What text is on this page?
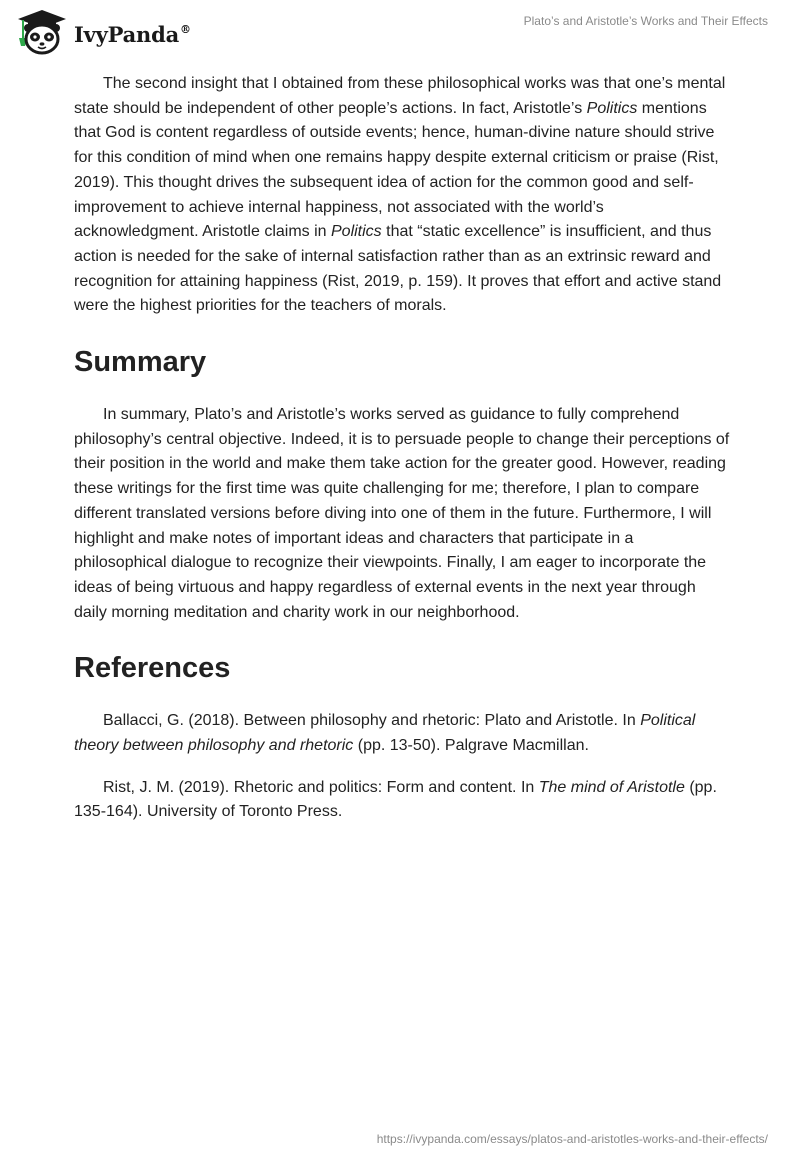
IvyPanda®
Plato’s and Aristotle’s Works and Their Effects

The second insight that I obtained from these philosophical works was that one’s mental state should be independent of other people’s actions. In fact, Aristotle’s Politics mentions that God is content regardless of outside events; hence, human-divine nature should strive for this condition of mind when one remains happy despite external criticism or praise (Rist, 2019). This thought drives the subsequent idea of action for the common good and self-improvement to achieve internal happiness, not associated with the world’s acknowledgment. Aristotle claims in Politics that “static excellence” is insufficient, and thus action is needed for the sake of internal satisfaction rather than as an extrinsic reward and recognition for attaining happiness (Rist, 2019, p. 159). It proves that effort and active stand were the highest priorities for the teachers of morals.

Summary

In summary, Plato’s and Aristotle’s works served as guidance to fully comprehend philosophy’s central objective. Indeed, it is to persuade people to change their perceptions of their position in the world and make them take action for the greater good. However, reading these writings for the first time was quite challenging for me; therefore, I plan to compare different translated versions before diving into one of them in the future. Furthermore, I will highlight and make notes of important ideas and characters that participate in a philosophical dialogue to recognize their viewpoints. Finally, I am eager to incorporate the ideas of being virtuous and happy regardless of external events in the next year through daily morning meditation and charity work in our neighborhood.

References

Ballacci, G. (2018). Between philosophy and rhetoric: Plato and Aristotle. In Political theory between philosophy and rhetoric (pp. 13-50). Palgrave Macmillan.

Rist, J. M. (2019). Rhetoric and politics: Form and content. In The mind of Aristotle (pp. 135-164). University of Toronto Press.

https://ivypanda.com/essays/platos-and-aristotles-works-and-their-effects/
